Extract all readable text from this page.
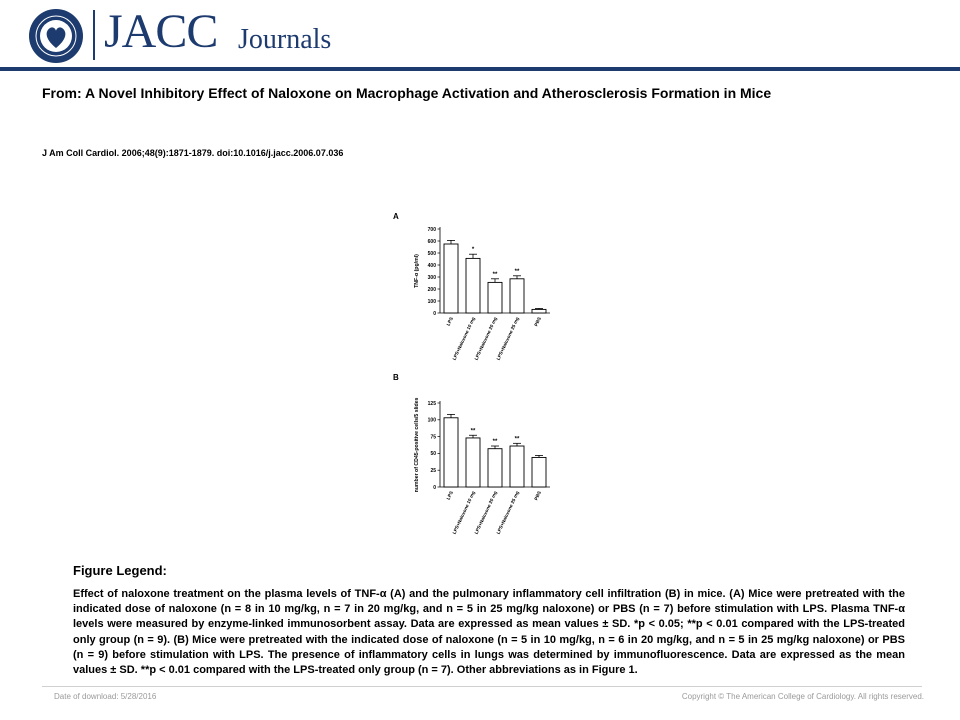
JACC Journals
From: A Novel Inhibitory Effect of Naloxone on Macrophage Activation and Atherosclerosis Formation in Mice
J Am Coll Cardiol. 2006;48(9):1871-1879. doi:10.1016/j.jacc.2006.07.036
A
0
100
200
300
400
500
600
700
TNF-α (pg/ml)
LPS
*
LPS+Naloxone 10 mg
**
LPS+Naloxone 20 mg
**
LPS+Naloxone 25 mg	PBS
B
0
25
50
75
100
125
number of CD45-positive cells/5 slides
LPS
**
LPS+Naloxone 10 mg
**
LPS+Naloxone 20 mg
**
LPS+Naloxone 25 mg	PBS
Figure Legend:
Effect of naloxone treatment on the plasma levels of TNF-α (A) and the pulmonary inflammatory cell infiltration (B) in mice. (A) Mice were pretreated with the indicated dose of naloxone (n = 8 in 10 mg/kg, n = 7 in 20 mg/kg, and n = 5 in 25 mg/kg naloxone) or PBS (n = 7) before stimulation with LPS. Plasma TNF-α levels were measured by enzyme-linked immunosorbent assay. Data are expressed as mean values ± SD. *p < 0.05; **p < 0.01 compared with the LPS-treated only group (n = 9). (B) Mice were pretreated with the indicated dose of naloxone (n = 5 in 10 mg/kg, n = 6 in 20 mg/kg, and n = 5 in 25 mg/kg naloxone) or PBS (n = 9) before stimulation with LPS. The presence of inflammatory cells in lungs was determined by immunofluorescence. Data are expressed as the mean values ± SD. **p < 0.01 compared with the LPS-treated only group (n = 7). Other abbreviations as in Figure 1.
Date of download: 5/28/2016	Copyright © The American College of Cardiology. All rights reserved.
